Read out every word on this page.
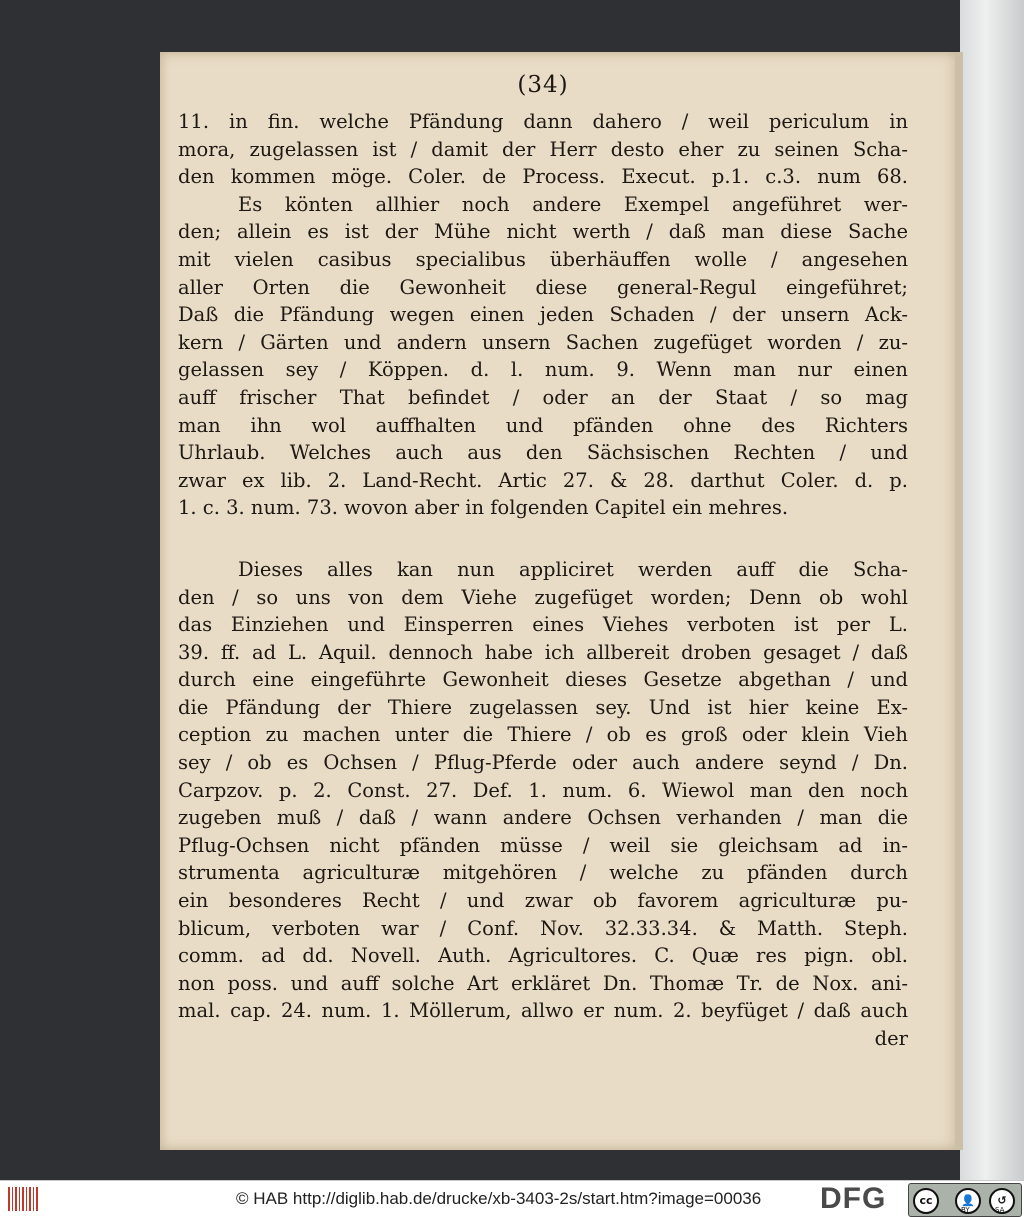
(34)
11. in fin. welche Pfändung dann dahero / weil periculum in
mora, zugelassen ist / damit der Herr desto eher zu seinen Scha-
den kommen möge. Coler. de Process. Execut. p.1. c.3. num 68.
Es könten allhier noch andere Exempel angeführet wer-
den; allein es ist der Mühe nicht werth / daß man diese Sache
mit vielen casibus specialibus überhäuffen wolle / angesehen
aller Orten die Gewonheit diese general-Regul eingeführet;
Daß die Pfändung wegen einen jeden Schaden / der unsern Ack-
kern / Gärten und andern unsern Sachen zugefüget worden / zu-
gelassen sey / Köppen. d. l. num. 9. Wenn man nur einen
auff frischer That befindet / oder an der Staat / so mag
man ihn wol auffhalten und pfänden ohne des Richters
Uhrlaub. Welches auch aus den Sächsischen Rechten / und
zwar ex lib. 2. Land-Recht. Artic 27. & 28. darthut Coler. d. p.
1. c. 3. num. 73. wovon aber in folgenden Capitel ein mehres.
Dieses alles kan nun appliciret werden auff die Scha-
den / so uns von dem Viehe zugefüget worden; Denn ob wohl
das Einziehen und Einsperren eines Viehes verboten ist per L.
39. ff. ad L. Aquil. dennoch habe ich allbereit droben gesaget / daß
durch eine eingeführte Gewonheit dieses Gesetze abgethan / und
die Pfändung der Thiere zugelassen sey. Und ist hier keine Ex-
ception zu machen unter die Thiere / ob es groß oder klein Vieh
sey / ob es Ochsen / Pflug-Pferde oder auch andere seynd / Dn.
Carpzov. p. 2. Const. 27. Def. 1. num. 6. Wiewol man den noch
zugeben muß / daß / wann andere Ochsen verhanden / man die
Pflug-Ochsen nicht pfänden müsse / weil sie gleichsam ad in-
strumenta agriculturæ mitgehören / welche zu pfänden durch
ein besonderes Recht / und zwar ob favorem agriculturæ pu-
blicum, verboten war / Conf. Nov. 32.33.34. & Matth. Steph.
comm. ad dd. Novell. Auth. Agricultores. C. Quæ res pign. obl.
non poss. und auff solche Art erkläret Dn. Thomæ Tr. de Nox. ani-
mal. cap. 24. num. 1. Möllerum, allwo er num. 2. beyfüget / daß auch
der
© HAB http://diglib.hab.de/drucke/xb-3403-2s/start.htm?image=00036 DFG	cc	👤	↺
BY	SA
